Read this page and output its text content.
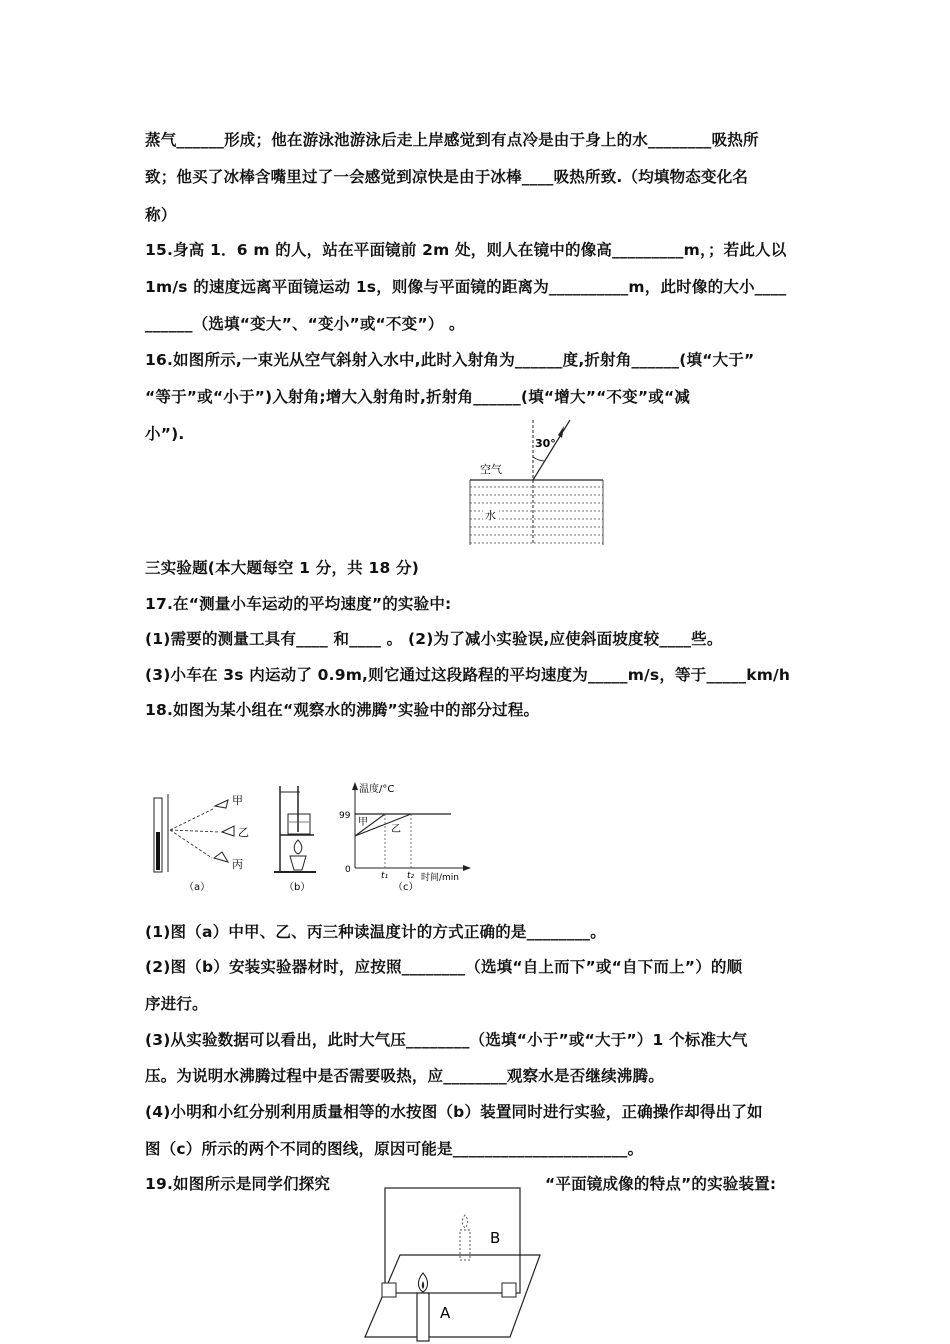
蒸气______形成；他在游泳池游泳后走上岸感觉到有点冷是由于身上的水________吸热所
致；他买了冰棒含嘴里过了一会感觉到凉快是由于冰棒____吸热所致.（均填物态变化名
称）
15.身高 1．6 m 的人，站在平面镜前 2m 处，则人在镜中的像高_________m，；若此人以
1m/s 的速度远离平面镜运动 1s，则像与平面镜的距离为__________m，此时像的大小____
______（选填“变大”、“变小”或“不变”） 。
16.如图所示,一束光从空气斜射入水中,此时入射角为______度,折射角______(填“大于”
“等于”或“小于”)入射角;增大入射角时,折射角______(填“增大”“不变”或“减
小”).
三实验题(本大题每空 1 分，共 18 分)
17.在“测量小车运动的平均速度”的实验中:
(1)需要的测量工具有____ 和____ 。 (2)为了减小实验误,应使斜面坡度较____些。
(3)小车在 3s 内运动了 0.9m,则它通过这段路程的平均速度为_____m/s，等于_____km/h
18.如图为某小组在“观察水的沸腾”实验中的部分过程。
(1)图（a）中甲、乙、丙三种读温度计的方式正确的是________。
(2)图（b）安装实验器材时，应按照________（选填“自上而下”或“自下而上”）的顺
序进行。
(3)从实验数据可以看出，此时大气压________（选填“小于”或“大于”）1 个标准大气
压。为说明水沸腾过程中是否需要吸热，应________观察水是否继续沸腾。
(4)小明和小红分别利用质量相等的水按图（b）装置同时进行实验，正确操作却得出了如
图（c）所示的两个不同的图线，原因可能是______________________。
19.如图所示是同学们探究	“平面镜成像的特点”的实验装置:
30°
空气
水
甲
乙
丙
（a）	（b）
温度/°C
时间/min
0
99
t₁ t₂
甲
乙
（c）
B
A
